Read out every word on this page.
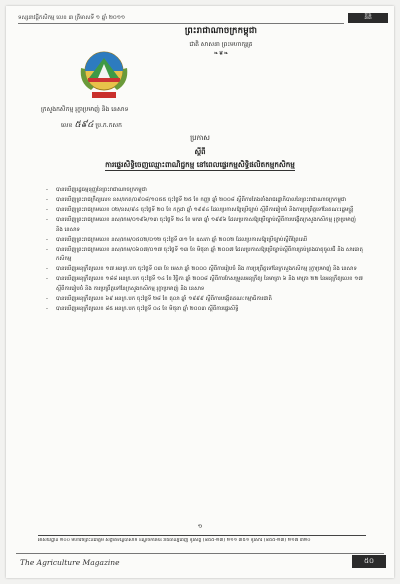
ទស្សនាវដ្ដីកសិកម្ម លេខ ៣ ត្រីមាសទី ១ ឆ្នាំ ២០១១	នីតិ
ព្រះរាជាណាចក្រកម្ពុជា
ជាតិ សាសនា ព្រះមហាក្សត្រ
❧❦❧
ក្រសួងកសិកម្ម រុក្ខាប្រមាញ់ និង នេសាទ
លេខ ៥៩៤ ប្រ.ក.កសក
ប្រកាស
ស្ដីពី
ការផ្ទេរសិទ្ធិចេញឈ្មោះពាណិជ្ជកម្ម នៅពេលផ្ទេរកម្មសិទ្ធិផលិតកម្មកសិកម្ម
- បានឃើញរដ្ឋធម្មនុញ្ញនៃព្រះរាជាណាចក្រកម្ពុជា
- បានឃើញព្រះរាជក្រឹត្យលេខ នស/រកត/០៩០៨/១០៥៥ ចុះថ្ងៃទី ២៥ ខែ កញ្ញា ឆ្នាំ ២០០៨ ស្ដីពីការតែងតាំងរាជរដ្ឋាភិបាលនៃព្រះរាជាណាចក្រកម្ពុជា
- បានឃើញព្រះរាជក្រមលេខ ០២/នស/៩៤ ចុះថ្ងៃទី ២០ ខែ កក្កដា ឆ្នាំ ១៩៩៤ ដែលប្រកាសឱ្យប្រើច្បាប់ ស្ដីពីការរៀបចំ និងការប្រព្រឹត្តទៅនៃគណៈរដ្ឋមន្ត្រី
- បានឃើញព្រះរាជក្រមលេខ នស/រកម/០១៩៦/១៣ ចុះថ្ងៃទី ២៤ ខែ មករា ឆ្នាំ ១៩៩៦ ដែលប្រកាសឱ្យប្រើច្បាប់ស្ដីពីការបង្កើតក្រសួងកសិកម្ម រុក្ខាប្រមាញ់ និង នេសាទ
- បានឃើញព្រះរាជក្រមលេខ នស/រកម/០៥០២/០១២ ចុះថ្ងៃទី ៣១ ខែ ឧសភា ឆ្នាំ ២០០២ ដែលប្រកាសឱ្យប្រើច្បាប់ស្ដីពីព្រៃឈើ
- បានឃើញព្រះរាជក្រមលេខ នស/រកម/០៦០៧/០១៧ ចុះថ្ងៃទី ១៣ ខែ មិថុនា ឆ្នាំ ២០០៧ ដែលប្រកាសឱ្យប្រើច្បាប់ស្ដីពីការគ្រប់គ្រងធាតុចូលជី និង សារធាតុកសិកម្ម
- បានឃើញអនុក្រឹត្យលេខ ១៧ អនក្រ.បក ចុះថ្ងៃទី ០៣ ខែ មេសា ឆ្នាំ ២០០០ ស្ដីពីការរៀបចំ និង ការប្រព្រឹត្តទៅនៃក្រសួងកសិកម្ម រុក្ខាប្រមាញ់ និង នេសាទ
- បានឃើញអនុក្រឹត្យលេខ ១៨៨ អនក្រ.បក ចុះថ្ងៃទី ១៤ ខែ វិច្ឆិកា ឆ្នាំ ២០០៨ ស្ដីពីការកែសម្រួលអនុក្រឹត្យ នៃមាត្រា ៦ និង មាត្រា ២២ នៃអនុក្រឹត្យលេខ ១៧ ស្ដីពីការរៀបចំ និង ការប្រព្រឹត្តទៅនៃក្រសួងកសិកម្ម រុក្ខាប្រមាញ់ និង នេសាទ
- បានឃើញអនុក្រឹត្យលេខ ៦៩ អនក្រ.បក ចុះថ្ងៃទី ២៨ ខែ តុលា ឆ្នាំ ១៩៩៩ ស្ដីពីការបង្កើតគណៈកម្មាធិការជាតិ
- បានឃើញអនុក្រឹត្យលេខ ៨៥ អនក្រ.បក ចុះថ្ងៃទី ០៤ ខែ មិថុនា ឆ្នាំ ២០០៣ ស្ដីពីការផ្ទេរសិទ្ធិ
១
អាសយដ្ឋាន ២០០ មហាវិថីព្រះនរោត្តម សង្កាត់ទន្លេបាសាក់ ខណ្ឌចំការមន រាជធានីភ្នំពេញ ទូរស័ព្ទ (៨៥៥-២៣) ២១១ ៣៥១ ទូរសារ (៨៥៥-២៣) ២១៧ ៣២០
The Agriculture Magazine	៥០
